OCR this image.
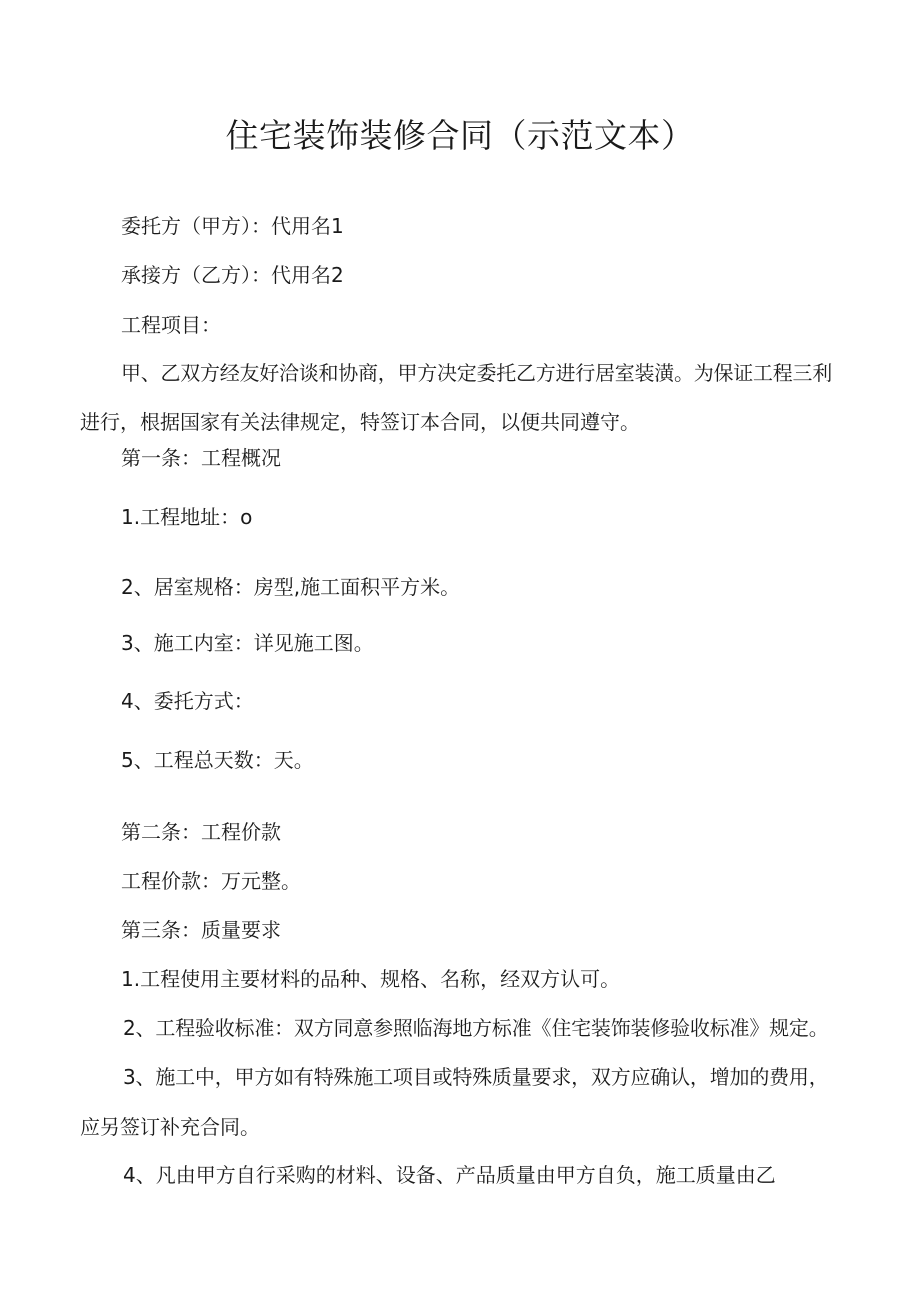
住宅装饰装修合同（示范文本）
委托方（甲方）：代用名1
承接方（乙方）：代用名2
工程项目：
甲、乙双方经友好洽谈和协商，甲方决定委托乙方进行居室装潢。为保证工程三利
进行，根据国家有关法律规定，特签订本合同，以便共同遵守。
第一条：工程概况
1.工程地址：o
2、居室规格：房型,施工面积平方米。
3、施工内室：详见施工图。
4、委托方式：
5、工程总天数：天。
第二条：工程价款
工程价款：万元整。
第三条：质量要求
1.工程使用主要材料的品种、规格、名称，经双方认可。
2、工程验收标准：双方同意参照临海地方标准《住宅装饰装修验收标准》规定。
3、施工中，甲方如有特殊施工项目或特殊质量要求，双方应确认，增加的费用，
应另签订补充合同。
4、凡由甲方自行采购的材料、设备、产品质量由甲方自负，施工质量由乙
